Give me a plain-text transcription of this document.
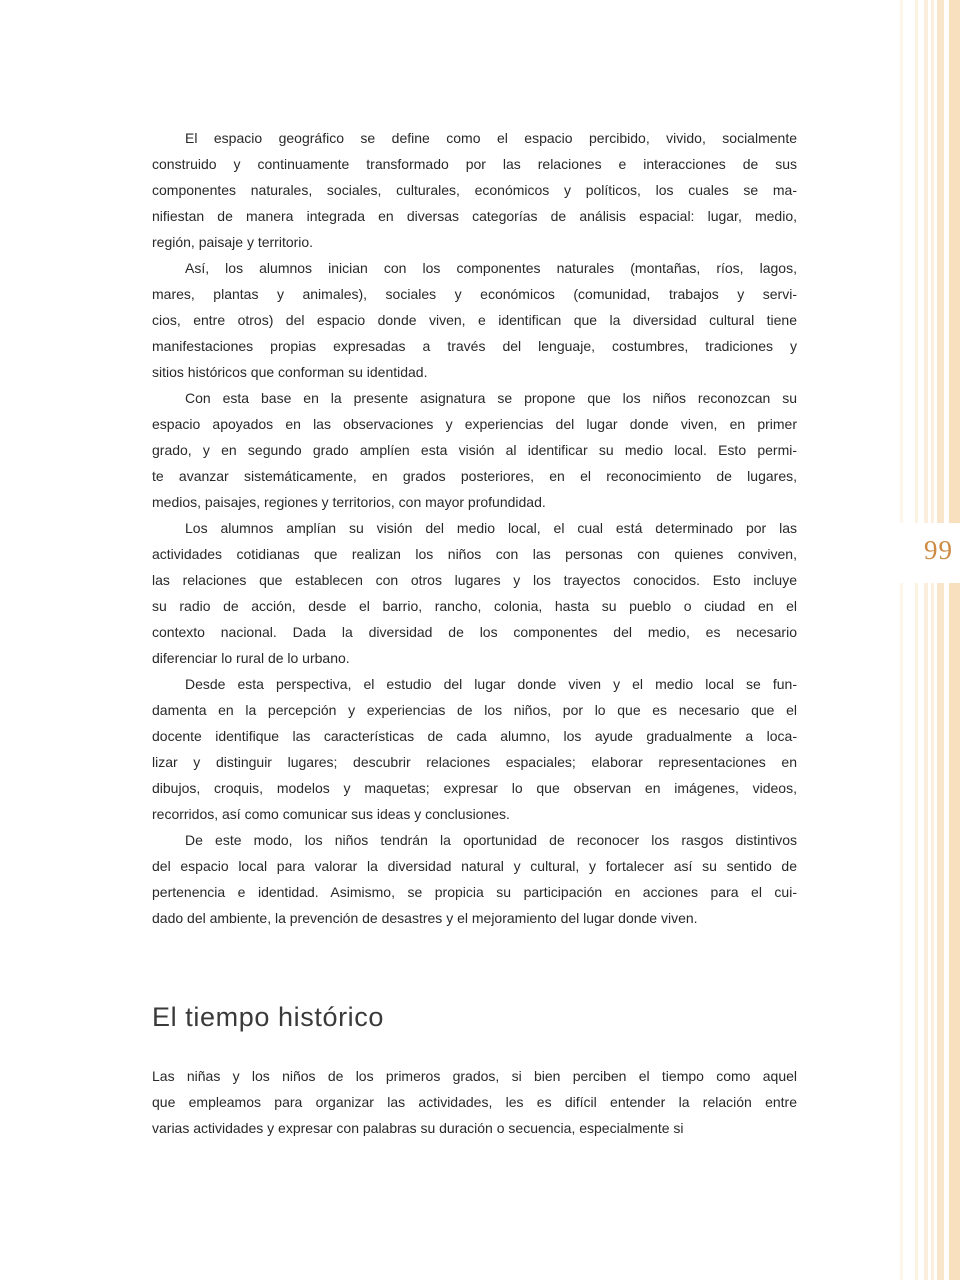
99
El espacio geográfico se define como el espacio percibido, vivido, socialmente
construido y continuamente transformado por las relaciones e interacciones de sus
componentes naturales, sociales, culturales, económicos y políticos, los cuales se ma-
nifiestan de manera integrada en diversas categorías de análisis espacial: lugar, medio,
región, paisaje y territorio.
Así, los alumnos inician con los componentes naturales (montañas, ríos, lagos,
mares, plantas y animales), sociales y económicos (comunidad, trabajos y servi-
cios, entre otros) del espacio donde viven, e identifican que la diversidad cultural tiene
manifestaciones propias expresadas a través del lenguaje, costumbres, tradiciones y
sitios históricos que conforman su identidad.
Con esta base en la presente asignatura se propone que los niños reconozcan su
espacio apoyados en las observaciones y experiencias del lugar donde viven, en primer
grado, y en segundo grado amplíen esta visión al identificar su medio local. Esto permi-
te avanzar sistemáticamente, en grados posteriores, en el reconocimiento de lugares,
medios, paisajes, regiones y territorios, con mayor profundidad.
Los alumnos amplían su visión del medio local, el cual está determinado por las
actividades cotidianas que realizan los niños con las personas con quienes conviven,
las relaciones que establecen con otros lugares y los trayectos conocidos. Esto incluye
su radio de acción, desde el barrio, rancho, colonia, hasta su pueblo o ciudad en el
contexto nacional. Dada la diversidad de los componentes del medio, es necesario
diferenciar lo rural de lo urbano.
Desde esta perspectiva, el estudio del lugar donde viven y el medio local se fun-
damenta en la percepción y experiencias de los niños, por lo que es necesario que el
docente identifique las características de cada alumno, los ayude gradualmente a loca-
lizar y distinguir lugares; descubrir relaciones espaciales; elaborar representaciones en
dibujos, croquis, modelos y maquetas; expresar lo que observan en imágenes, videos,
recorridos, así como comunicar sus ideas y conclusiones.
De este modo, los niños tendrán la oportunidad de reconocer los rasgos distintivos
del espacio local para valorar la diversidad natural y cultural, y fortalecer así su sentido de
pertenencia e identidad. Asimismo, se propicia su participación en acciones para el cui-
dado del ambiente, la prevención de desastres y el mejoramiento del lugar donde viven.
El tiempo histórico
Las niñas y los niños de los primeros grados, si bien perciben el tiempo como aquel
que empleamos para organizar las actividades, les es difícil entender la relación entre
varias actividades y expresar con palabras su duración o secuencia, especialmente si
